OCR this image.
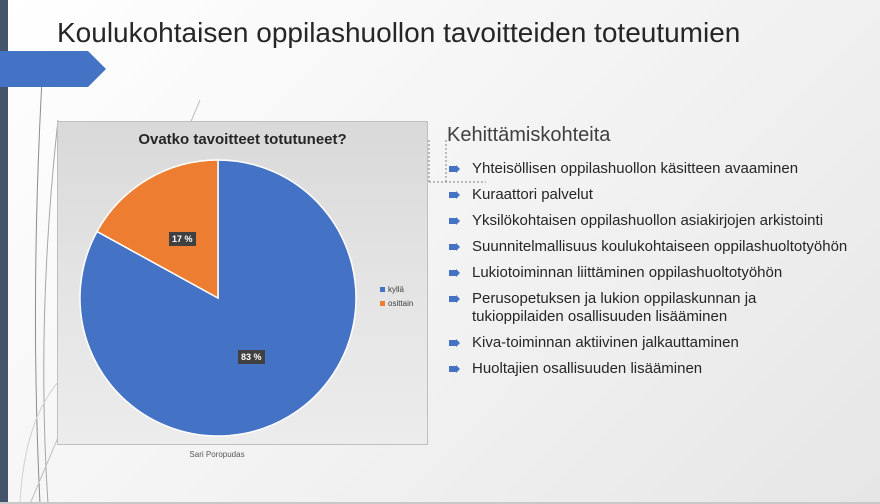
Koulukohtaisen oppilashuollon tavoitteiden toteutumien
Ovatko tavoitteet totutuneet?
83 %
17 %
kyllä
osittain
Sari Poropudas
Kehittämiskohteita
Yhteisöllisen oppilashuollon käsitteen avaaminen
Kuraattori palvelut
Yksilökohtaisen oppilashuollon asiakirjojen arkistointi
Suunnitelmallisuus koulukohtaiseen oppilashuoltotyöhön
Lukiotoiminnan liittäminen oppilashuoltotyöhön
Perusopetuksen ja lukion oppilaskunnan ja tukioppilaiden osallisuuden lisääminen
Kiva-toiminnan aktiivinen jalkauttaminen
Huoltajien osallisuuden lisääminen
